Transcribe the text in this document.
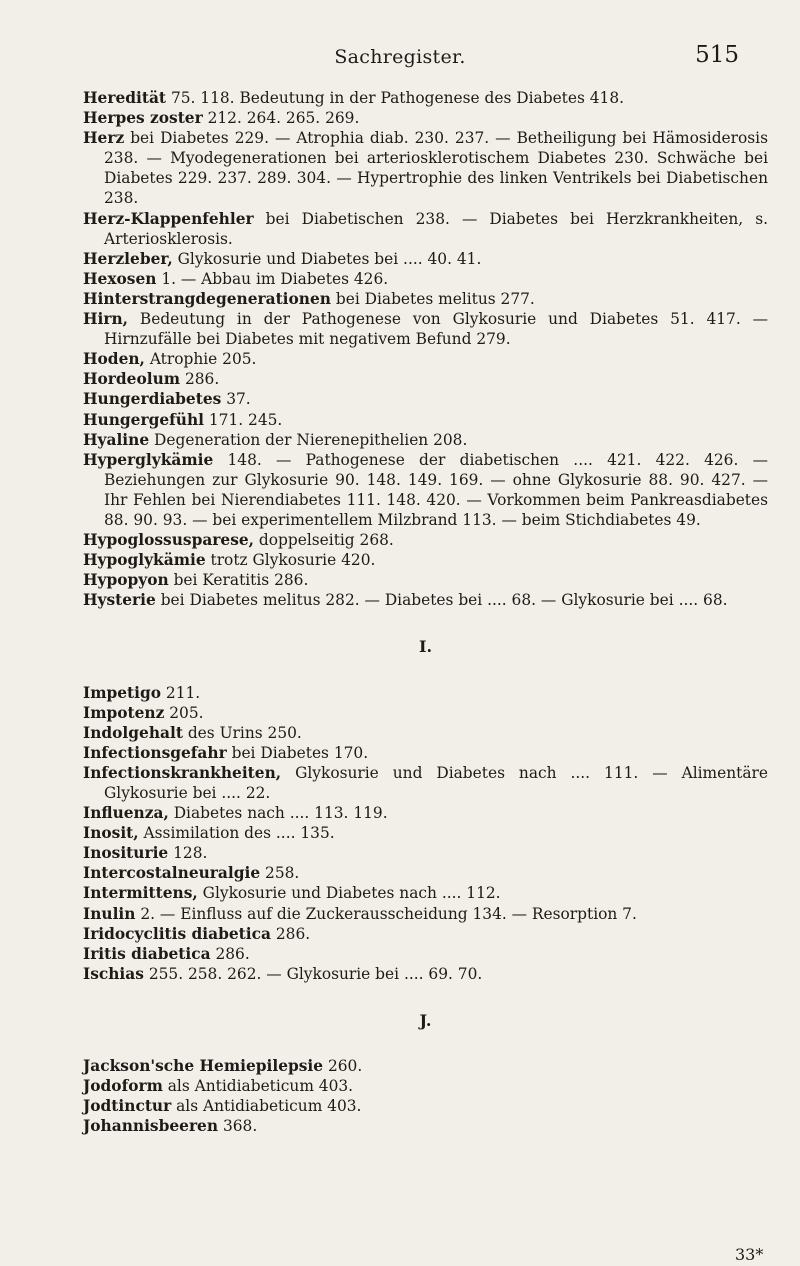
Sachregister.	515

Heredität 75. 118. Bedeutung in der Pathogenese des Diabetes 418.

Herpes zoster 212. 264. 265. 269.

Herz bei Diabetes 229. — Atrophia diab. 230. 237. — Betheiligung bei Hämosiderosis 238. — Myodegenerationen bei arteriosklerotischem Diabetes 230. Schwäche bei Diabetes 229. 237. 289. 304. — Hypertrophie des linken Ventrikels bei Diabetischen 238.

Herz-Klappenfehler bei Diabetischen 238. — Diabetes bei Herzkrankheiten, s. Arteriosklerosis.

Herzleber, Glykosurie und Diabetes bei .... 40. 41.

Hexosen 1. — Abbau im Diabetes 426.

Hinterstrangdegenerationen bei Diabetes melitus 277.

Hirn, Bedeutung in der Pathogenese von Glykosurie und Diabetes 51. 417. — Hirnzufälle bei Diabetes mit negativem Befund 279.

Hoden, Atrophie 205.

Hordeolum 286.

Hungerdiabetes 37.

Hungergefühl 171. 245.

Hyaline Degeneration der Nierenepithelien 208.

Hyperglykämie 148. — Pathogenese der diabetischen .... 421. 422. 426. — Beziehungen zur Glykosurie 90. 148. 149. 169. — ohne Glykosurie 88. 90. 427. — Ihr Fehlen bei Nierendiabetes 111. 148. 420. — Vorkommen beim Pankreasdiabetes 88. 90. 93. — bei experimentellem Milzbrand 113. — beim Stichdiabetes 49.

Hypoglossusparese, doppelseitig 268.

Hypoglykämie trotz Glykosurie 420.

Hypopyon bei Keratitis 286.

Hysterie bei Diabetes melitus 282. — Diabetes bei .... 68. — Glykosurie bei .... 68.

I.

Impetigo 211.

Impotenz 205.

Indolgehalt des Urins 250.

Infectionsgefahr bei Diabetes 170.

Infectionskrankheiten, Glykosurie und Diabetes nach .... 111. — Alimentäre Glykosurie bei .... 22.

Influenza, Diabetes nach .... 113. 119.

Inosit, Assimilation des .... 135.

Inositurie 128.

Intercostalneuralgie 258.

Intermittens, Glykosurie und Diabetes nach .... 112.

Inulin 2. — Einfluss auf die Zuckerausscheidung 134. — Resorption 7.

Iridocyclitis diabetica 286.

Iritis diabetica 286.

Ischias 255. 258. 262. — Glykosurie bei .... 69. 70.

J.

Jackson'sche Hemiepilepsie 260.

Jodoform als Antidiabeticum 403.

Jodtinctur als Antidiabeticum 403.

Johannisbeeren 368.

33*
